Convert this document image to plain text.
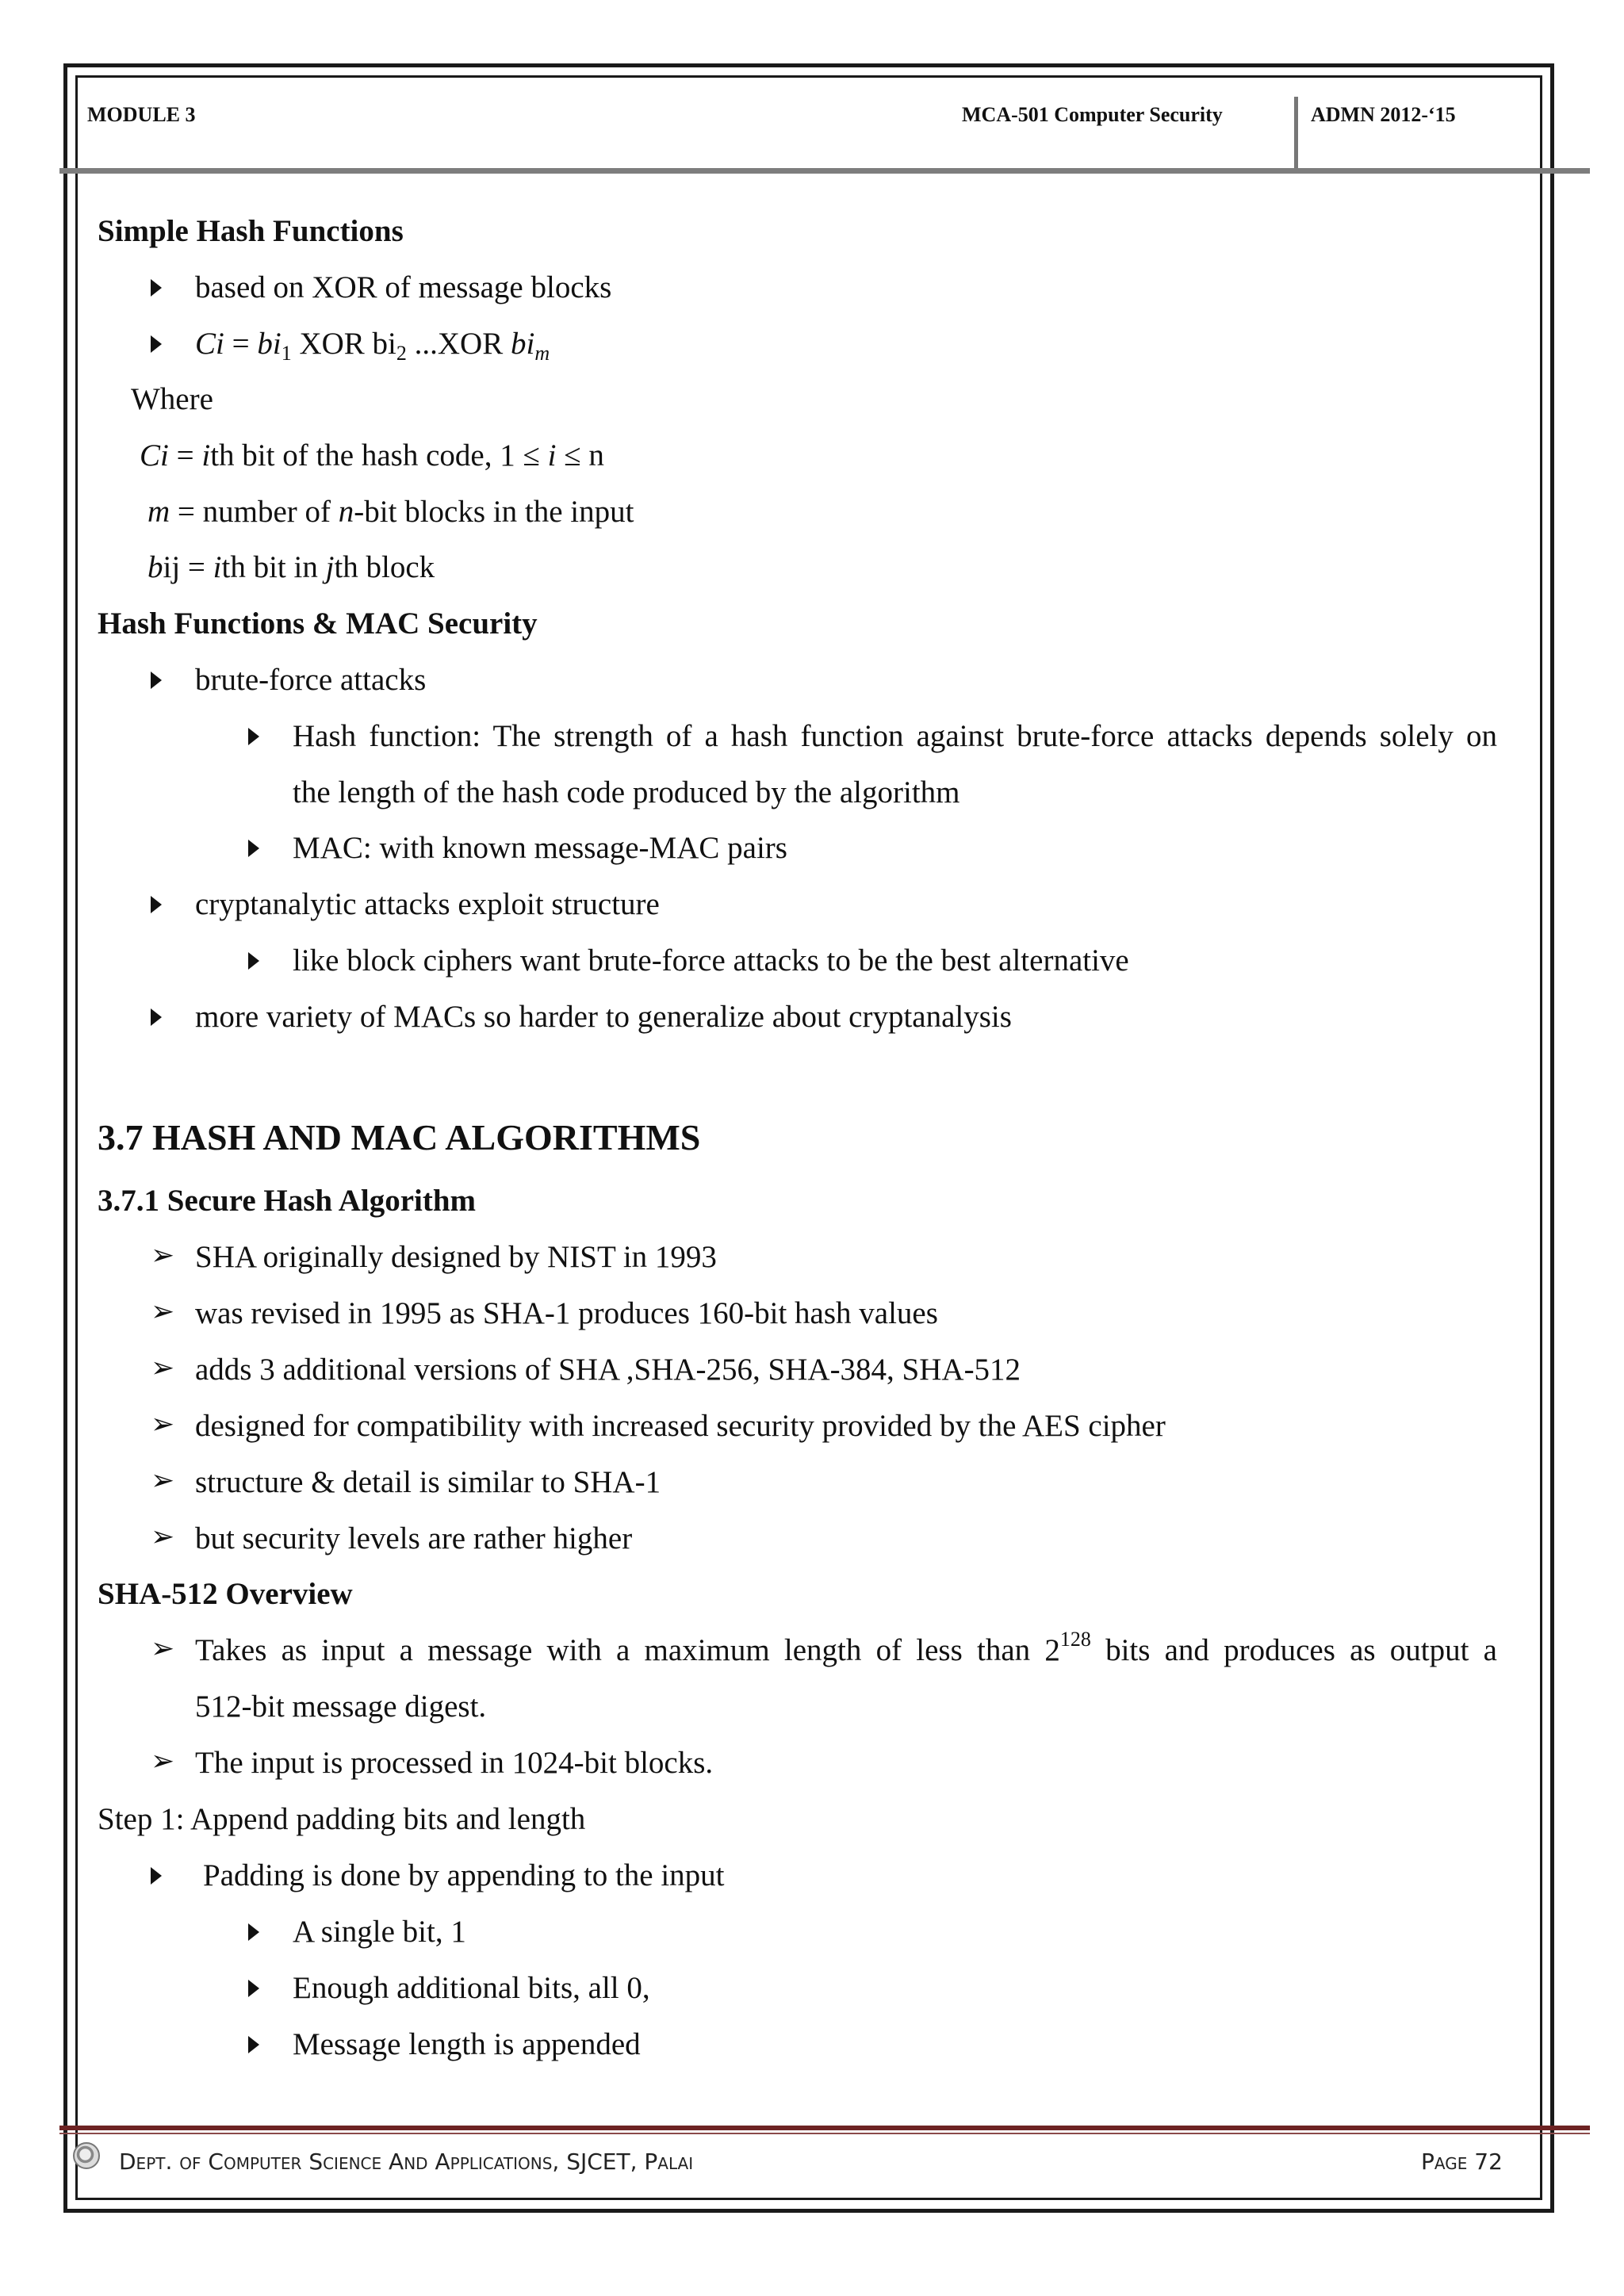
MODULE 3	MCA-501 Computer Security	ADMN 2012-‘15
Simple Hash Functions
based on XOR of message blocks
$Ci = bi_1$ XOR $bi_2$ ...XOR $bi_m$
Where
Ci = ith bit of the hash code, 1 ≤ i ≤ n
m = number of n-bit blocks in the input
bij = ith bit in jth block
Hash Functions & MAC Security
brute-force attacks
Hash function: The strength of a hash function against brute-force attacks depends solely on
the length of the hash code produced by the algorithm
MAC: with known message-MAC pairs
cryptanalytic attacks exploit structure
like block ciphers want brute-force attacks to be the best alternative
more variety of MACs so harder to generalize about cryptanalysis
3.7 HASH AND MAC ALGORITHMS
3.7.1 Secure Hash Algorithm
➢ SHA originally designed by NIST in 1993
➢ was revised in 1995 as SHA-1 produces 160-bit hash values
➢ adds 3 additional versions of SHA ,SHA-256, SHA-384, SHA-512
➢ designed for compatibility with increased security provided by the AES cipher
➢ structure & detail is similar to SHA-1
➢ but security levels are rather higher
SHA-512 Overview
➢ Takes as input a message with a maximum length of less than $2^{128}$ bits and produces as output a
512-bit message digest.
➢ The input is processed in 1024-bit blocks.
Step 1: Append padding bits and length
Padding is done by appending to the input
A single bit, 1
Enough additional bits, all 0,
Message length is appended
Dept. of Computer Science And Applications, SJCET, Palai	Page 72
